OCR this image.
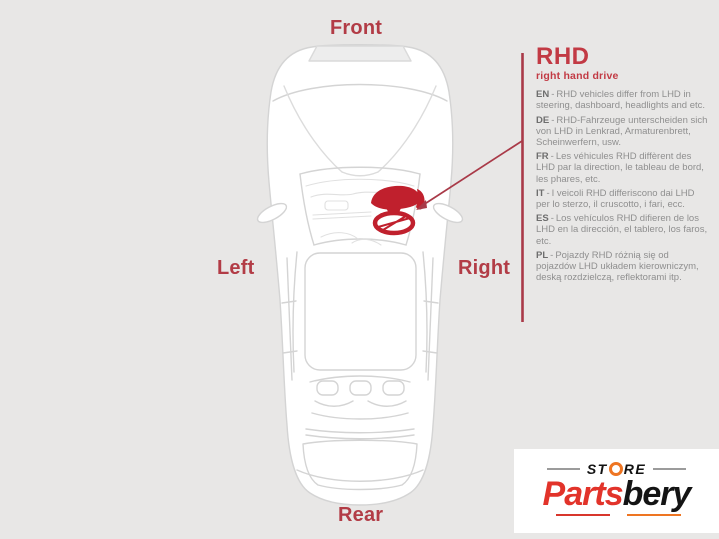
Front
Left	Right
Rear
RHD
right hand drive

EN - RHD vehicles differ from LHD in steering, dashboard, headlights and etc.

DE - RHD-Fahrzeuge unterscheiden sich von LHD in Lenkrad, Armaturenbrett, Scheinwerfern, usw.

FR - Les véhicules RHD diffèrent des LHD par la direction, le tableau de bord, les phares, etc.

IT - I veicoli RHD differiscono dai LHD per lo sterzo, il cruscotto, i fari, ecc.

ES - Los vehículos RHD difieren de los LHD en la dirección, el tablero, los faros, etc.

PL - Pojazdy RHD różnią się od pojazdów LHD układem kierowniczym, deską rozdzielczą, reflektorami itp.

ST RE
Partsbery
